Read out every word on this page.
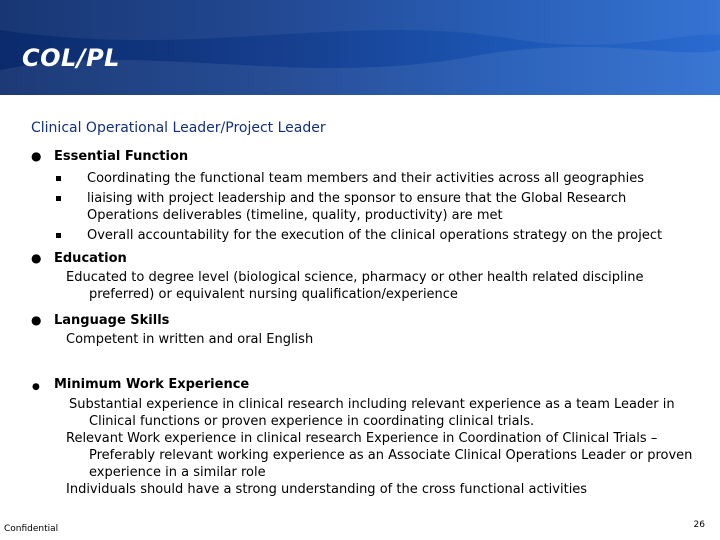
COL/PL
Clinical Operational Leader/Project Leader
● Essential Function
Coordinating the functional team members and their activities across all geographies
liaising with project leadership and the sponsor to ensure that the Global Research
Operations deliverables (timeline, quality, productivity) are met
Overall accountability for the execution of the clinical operations strategy on the project
● Education
Educated to degree level (biological science, pharmacy or other health related discipline
preferred) or equivalent nursing qualification/experience
● Language Skills
Competent in written and oral English
● Minimum Work Experience
Substantial experience in clinical research including relevant experience as a team Leader in
Clinical functions or proven experience in coordinating clinical trials.
Relevant Work experience in clinical research Experience in Coordination of Clinical Trials –
Preferably relevant working experience as an Associate Clinical Operations Leader or proven
experience in a similar role
Individuals should have a strong understanding of the cross functional activities
Confidential	26
